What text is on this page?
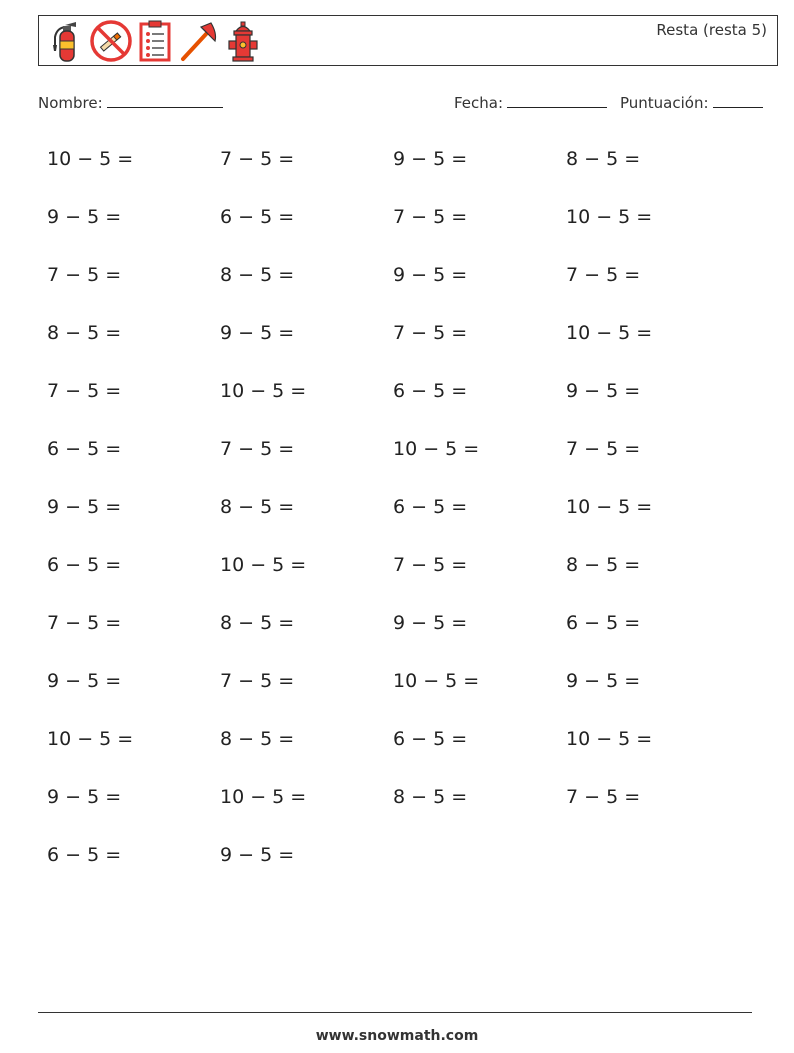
Resta (resta 5)
Nombre:	Fecha:	Puntuación:
10 − 5 =	7 − 5 =	9 − 5 =	8 − 5 =
9 − 5 =	6 − 5 =	7 − 5 =	10 − 5 =
7 − 5 =	8 − 5 =	9 − 5 =	7 − 5 =
8 − 5 =	9 − 5 =	7 − 5 =	10 − 5 =
7 − 5 =	10 − 5 =	6 − 5 =	9 − 5 =
6 − 5 =	7 − 5 =	10 − 5 =	7 − 5 =
9 − 5 =	8 − 5 =	6 − 5 =	10 − 5 =
6 − 5 =	10 − 5 =	7 − 5 =	8 − 5 =
7 − 5 =	8 − 5 =	9 − 5 =	6 − 5 =
9 − 5 =	7 − 5 =	10 − 5 =	9 − 5 =
10 − 5 =	8 − 5 =	6 − 5 =	10 − 5 =
9 − 5 =	10 − 5 =	8 − 5 =	7 − 5 =
6 − 5 =	9 − 5 =
www.snowmath.com
